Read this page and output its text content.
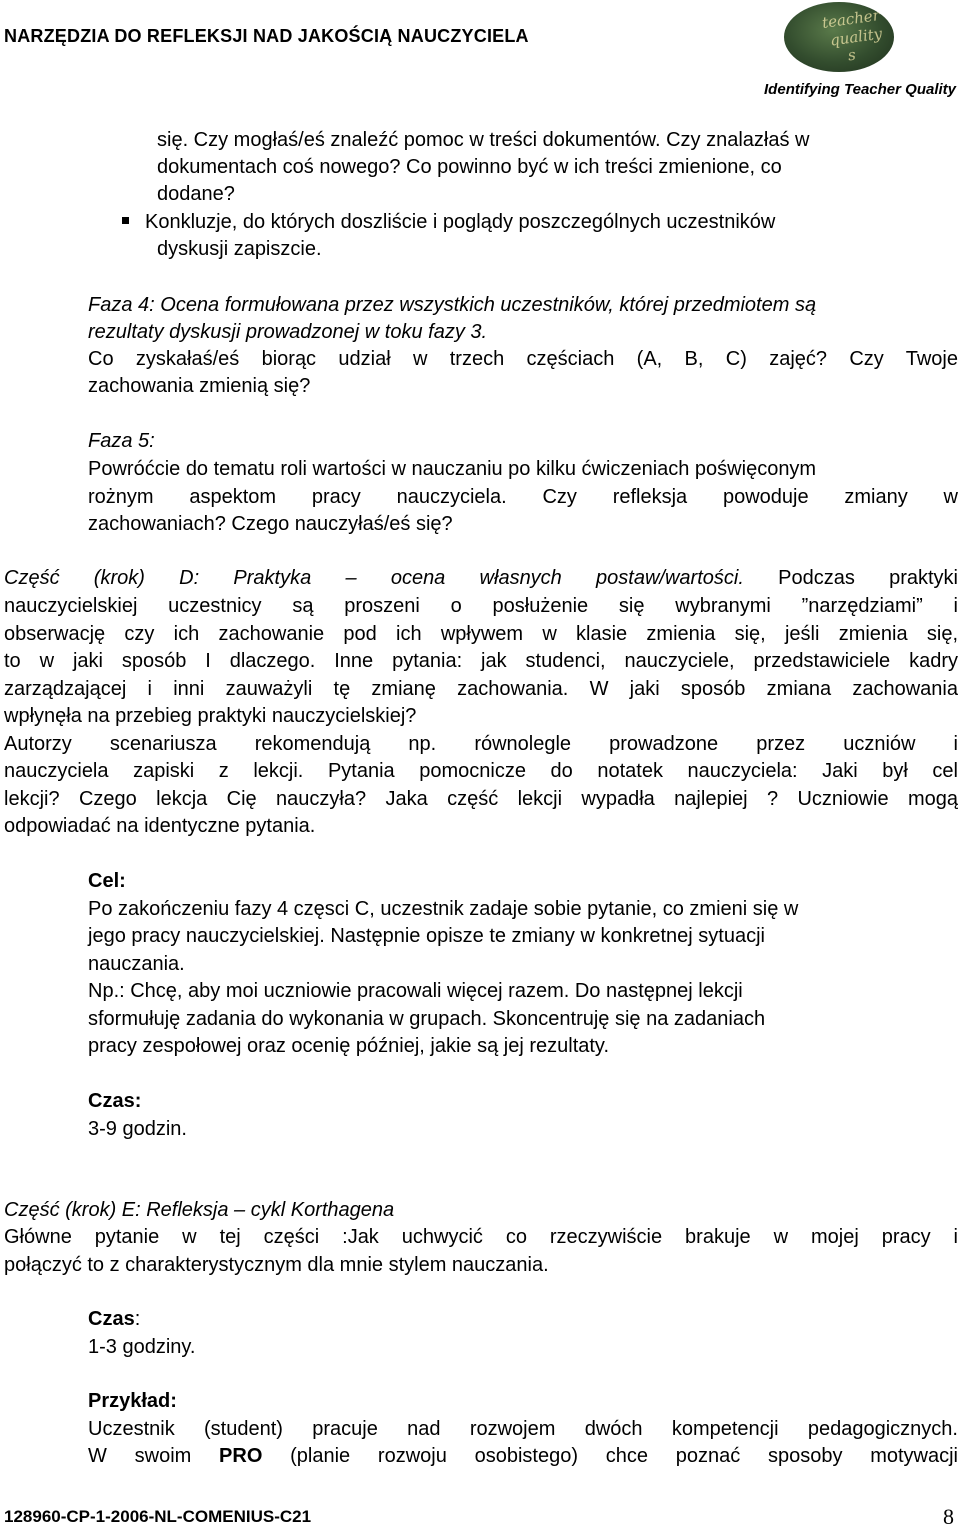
NARZĘDZIA DO REFLEKSJI NAD JAKOŚCIĄ NAUCZYCIELA
teacher
quality
s
Identifying Teacher Quality
się. Czy mogłaś/eś znaleźć pomoc w treści dokumentów. Czy znalazłaś w
dokumentach coś nowego? Co powinno być w ich treści zmienione, co
dodane?
Konkluzje, do których doszliście i poglądy poszczególnych uczestników
dyskusji zapiszcie.
Faza 4: Ocena formułowana przez wszystkich uczestników, której przedmiotem są
rezultaty dyskusji prowadzonej w toku fazy 3.
Co zyskałaś/eś biorąc udział w trzech częściach (A, B, C) zajęć? Czy Twoje
zachowania zmienią się?
Faza 5:
Powróćcie do tematu roli wartości w nauczaniu po kilku ćwiczeniach poświęconym
rożnym aspektom pracy nauczyciela. Czy refleksja powoduje zmiany w
zachowaniach? Czego nauczyłaś/eś się?
Część (krok) D: Praktyka – ocena własnych postaw/wartości. Podczas praktyki
nauczycielskiej uczestnicy są proszeni o posłużenie się wybranymi ”narzędziami” i
obserwację czy ich zachowanie pod ich wpływem w klasie zmienia się, jeśli zmienia się,
to w jaki sposób I dlaczego. Inne pytania: jak studenci, nauczyciele, przedstawiciele kadry
zarządzającej i inni zauważyli tę zmianę zachowania. W jaki sposób zmiana zachowania
wpłynęła na przebieg praktyki nauczycielskiej?
Autorzy scenariusza rekomendują np. równolegle prowadzone przez uczniów i
nauczyciela zapiski z lekcji. Pytania pomocnicze do notatek nauczyciela: Jaki był cel
lekcji? Czego lekcja Cię nauczyła? Jaka część lekcji wypadła najlepiej ? Uczniowie mogą
odpowiadać na identyczne pytania.
Cel:
Po zakończeniu fazy 4 częsci C, uczestnik zadaje sobie pytanie, co zmieni się w
jego pracy nauczycielskiej. Następnie opisze te zmiany w konkretnej sytuacji
nauczania.
Np.: Chcę, aby moi uczniowie pracowali więcej razem. Do następnej lekcji
sformułuję zadania do wykonania w grupach. Skoncentruję się na zadaniach
pracy zespołowej oraz ocenię później, jakie są jej rezultaty.
Czas:
3-9 godzin.
Część (krok) E: Refleksja – cykl Korthagena
Główne pytanie w tej części :Jak uchwycić co rzeczywiście brakuje w mojej pracy i
połączyć to z charakterystycznym dla mnie stylem nauczania.
Czas:
1-3 godziny.
Przykład:
Uczestnik (student) pracuje nad rozwojem dwóch kompetencji pedagogicznych.
W swoim PRO (planie rozwoju osobistego) chce poznać sposoby motywacji
128960-CP-1-2006-NL-COMENIUS-C21	8
